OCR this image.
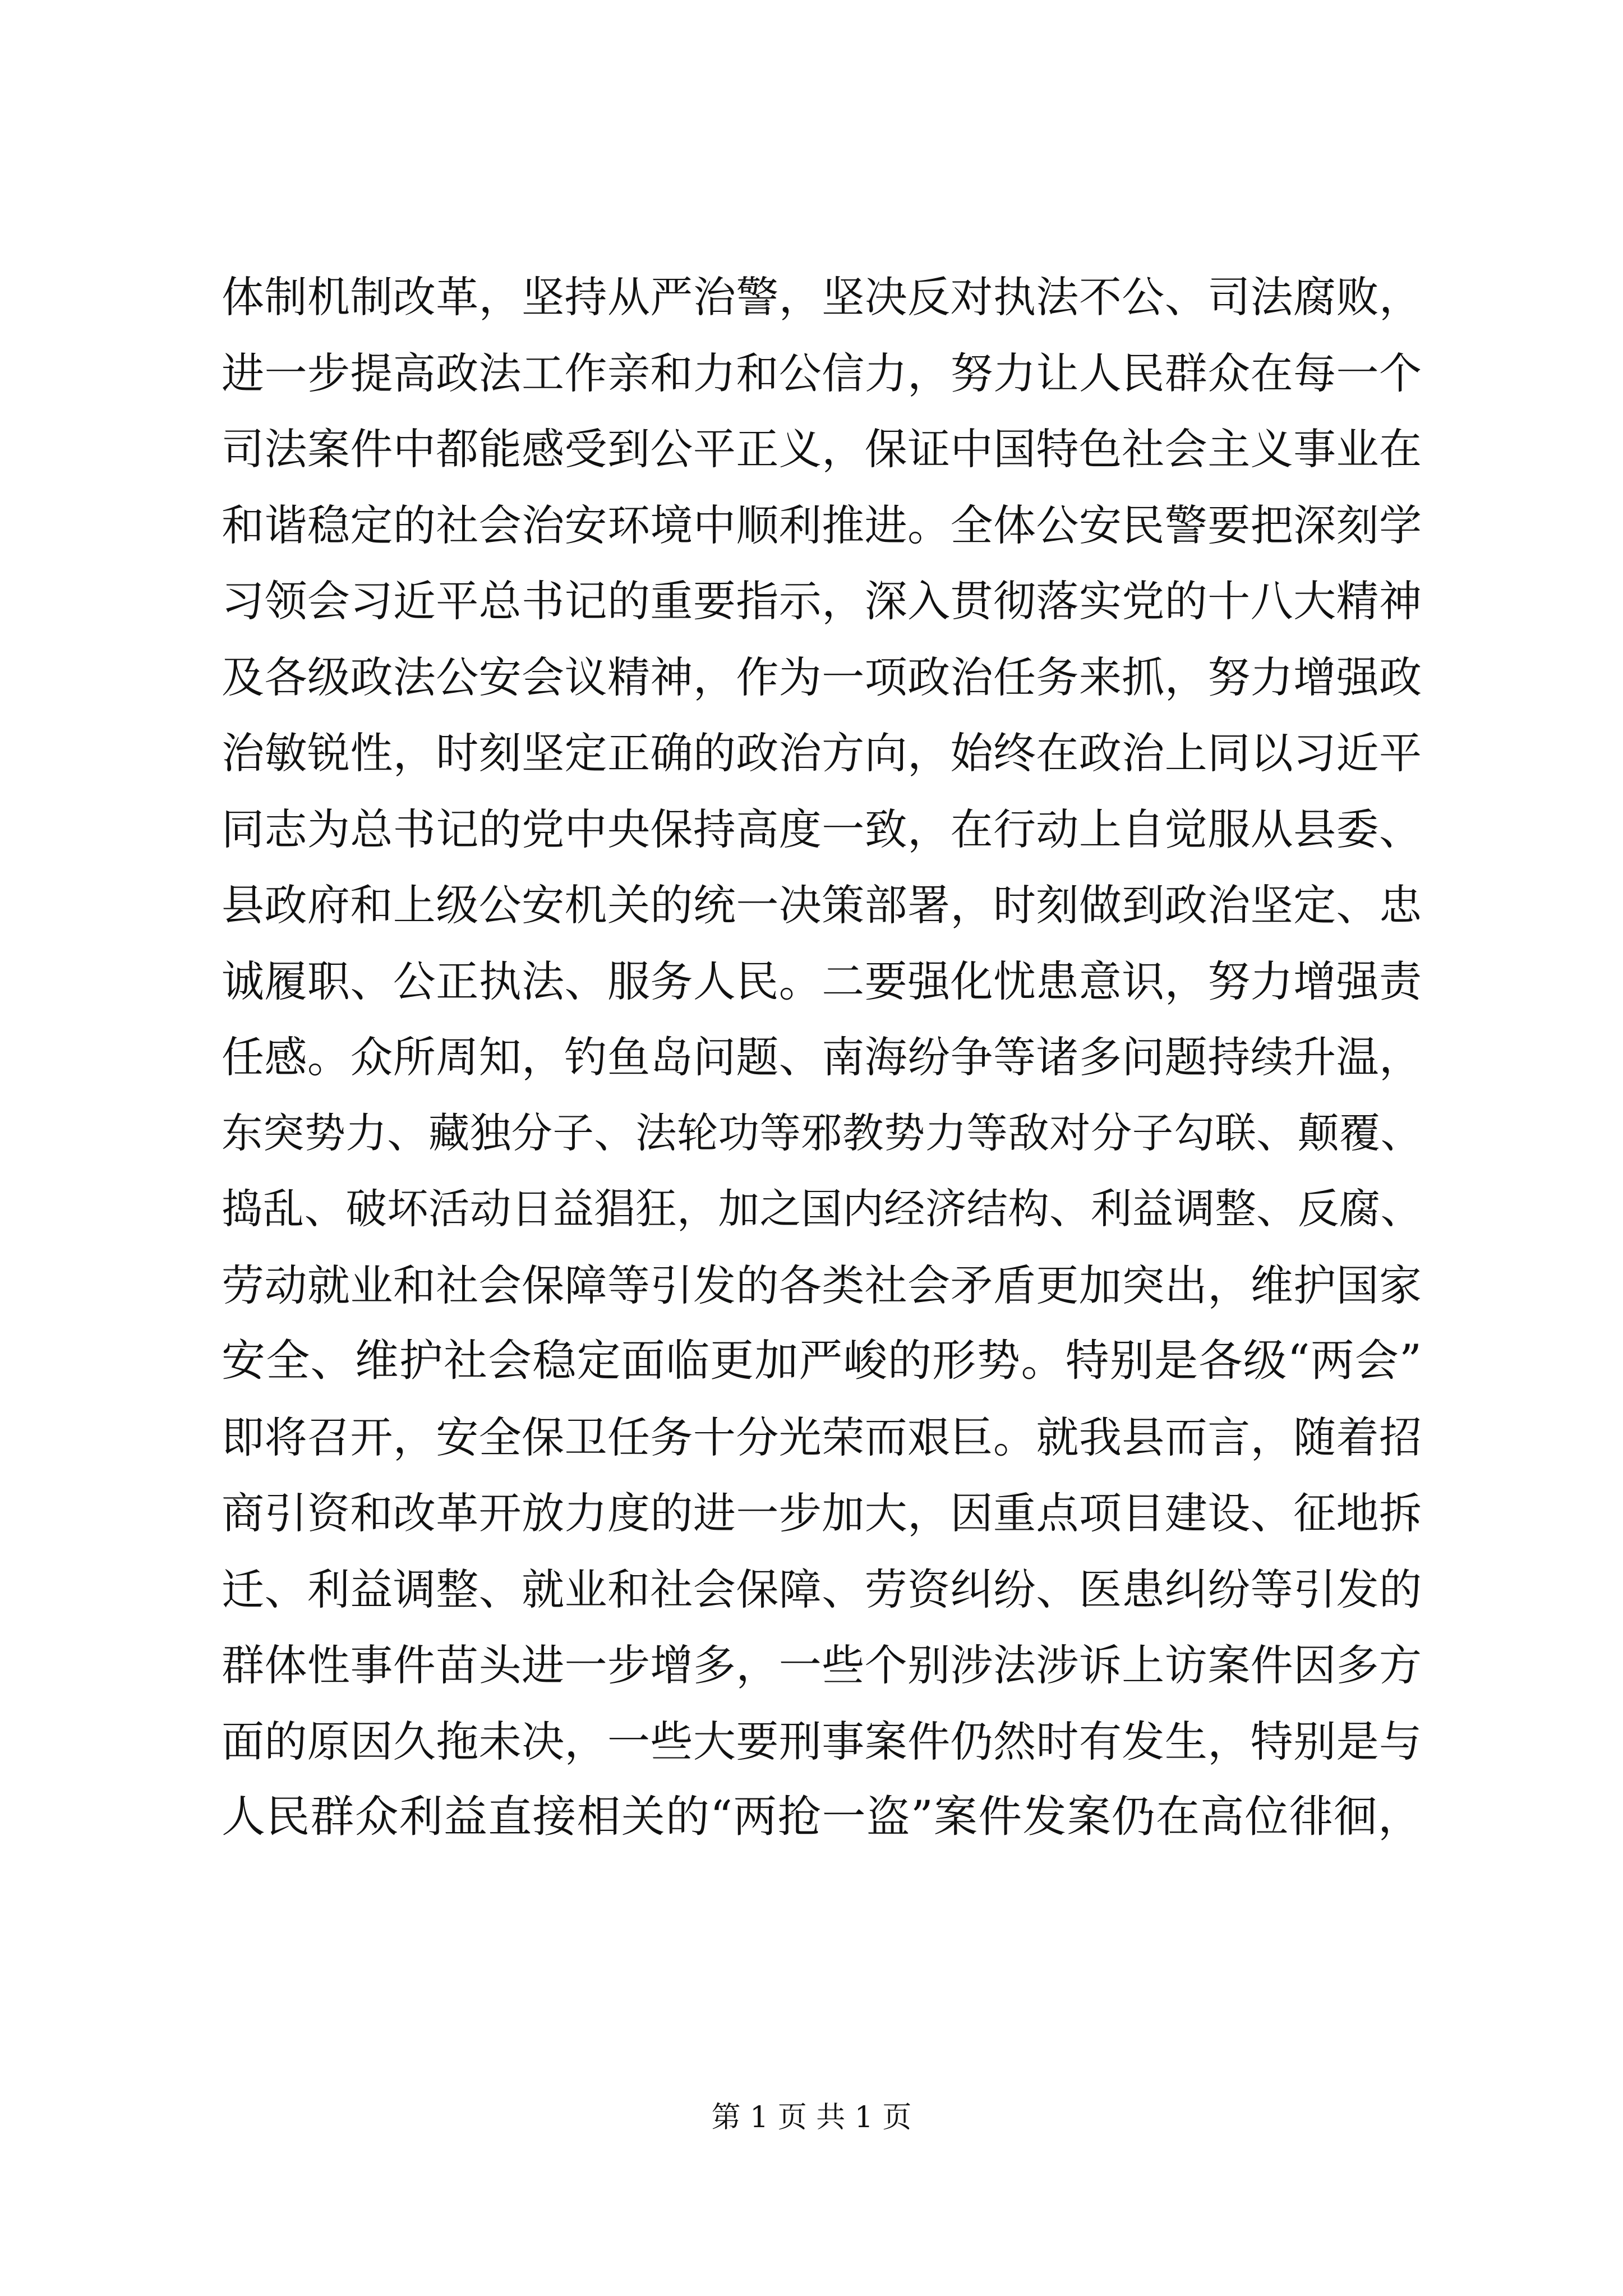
体制机制改革，坚持从严治警，坚决反对执法不公、司法腐败，
进一步提高政法工作亲和力和公信力，努力让人民群众在每一个
司法案件中都能感受到公平正义，保证中国特色社会主义事业在
和谐稳定的社会治安环境中顺利推进。全体公安民警要把深刻学
习领会习近平总书记的重要指示，深入贯彻落实党的十八大精神
及各级政法公安会议精神，作为一项政治任务来抓，努力增强政
治敏锐性，时刻坚定正确的政治方向，始终在政治上同以习近平
同志为总书记的党中央保持高度一致，在行动上自觉服从县委、
县政府和上级公安机关的统一决策部署，时刻做到政治坚定、忠
诚履职、公正执法、服务人民。二要强化忧患意识，努力增强责
任感。众所周知，钓鱼岛问题、南海纷争等诸多问题持续升温，
东突势力、藏独分子、法轮功等邪教势力等敌对分子勾联、颠覆、
捣乱、破坏活动日益猖狂，加之国内经济结构、利益调整、反腐、
劳动就业和社会保障等引发的各类社会矛盾更加突出，维护国家
安全、维护社会稳定面临更加严峻的形势。特别是各级“两会”
即将召开，安全保卫任务十分光荣而艰巨。就我县而言，随着招
商引资和改革开放力度的进一步加大，因重点项目建设、征地拆
迁、利益调整、就业和社会保障、劳资纠纷、医患纠纷等引发的
群体性事件苗头进一步增多，一些个别涉法涉诉上访案件因多方
面的原因久拖未决，一些大要刑事案件仍然时有发生，特别是与
人民群众利益直接相关的“两抢一盗”案件发案仍在高位徘徊，
第 1 页 共 1 页
